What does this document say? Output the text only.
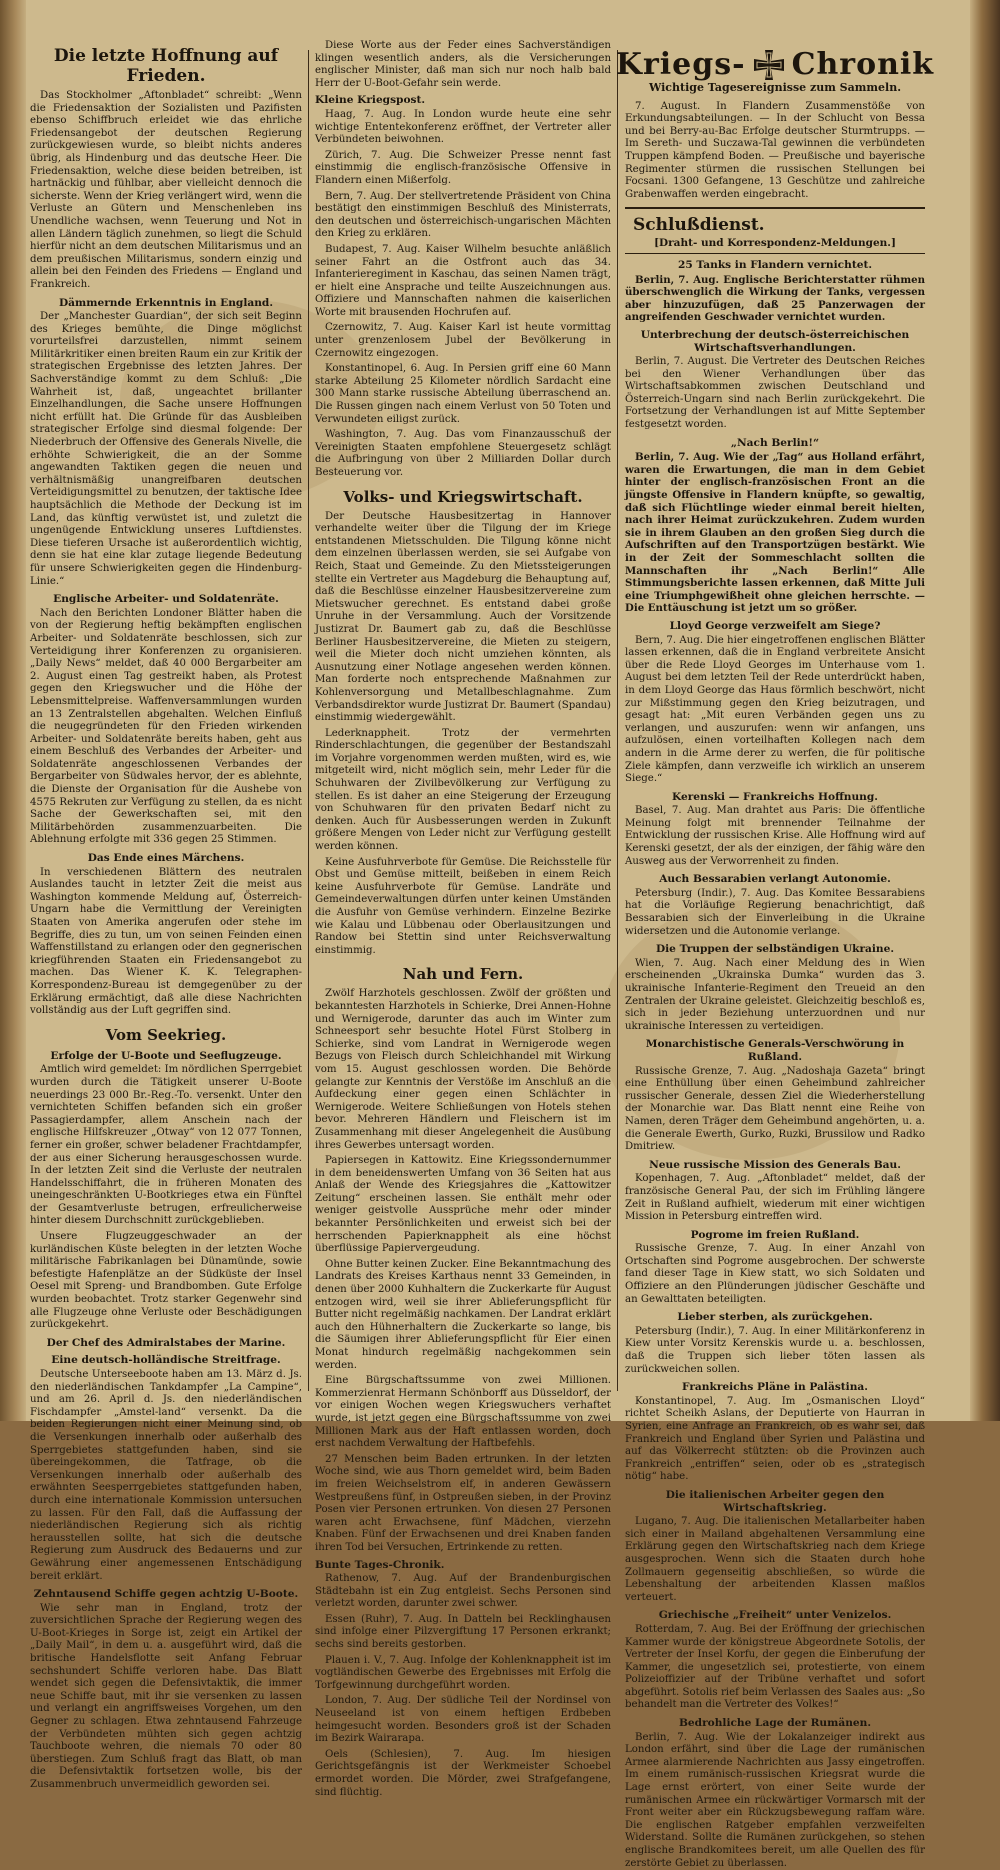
Die letzte Hoffnung auf Frieden.

Das Stockholmer „Aftonbladet“ schreibt: „Wenn die Friedensaktion der Sozialisten und Pazifisten ebenso Schiffbruch erleidet wie das ehrliche Friedensangebot der deutschen Regierung zurückgewiesen wurde, so bleibt nichts anderes übrig, als Hindenburg und das deutsche Heer. Die Friedensaktion, welche diese beiden betreiben, ist hartnäckig und fühlbar, aber vielleicht dennoch die sicherste. Wenn der Krieg verlängert wird, wenn die Verluste an Gütern und Menschenleben ins Unendliche wachsen, wenn Teuerung und Not in allen Ländern täglich zunehmen, so liegt die Schuld hierfür nicht an dem deutschen Militarismus und an dem preußischen Militarismus, sondern einzig und allein bei den Feinden des Friedens — England und Frankreich.

Dämmernde Erkenntnis in England.

Der „Manchester Guardian“, der sich seit Beginn des Krieges bemühte, die Dinge möglichst vorurteilsfrei darzustellen, nimmt seinem Militärkritiker einen breiten Raum ein zur Kritik der strategischen Ergebnisse des letzten Jahres. Der Sachverständige kommt zu dem Schluß: „Die Wahrheit ist, daß, ungeachtet brillanter Einzelhandlungen, die Sache unsere Hoffnungen nicht erfüllt hat. Die Gründe für das Ausbleiben strategischer Erfolge sind diesmal folgende: Der Niederbruch der Offensive des Generals Nivelle, die erhöhte Schwierigkeit, die an der Somme angewandten Taktiken gegen die neuen und verhältnismäßig unangreifbaren deutschen Verteidigungsmittel zu benutzen, der taktische Idee hauptsächlich die Methode der Deckung ist im Land, das künftig verwüstet ist, und zuletzt die ungenügende Entwicklung unseres Luftdienstes. Diese tieferen Ursache ist außerordentlich wichtig, denn sie hat eine klar zutage liegende Bedeutung für unsere Schwierigkeiten gegen die Hindenburg-Linie.“

Englische Arbeiter- und Soldatenräte.

Nach den Berichten Londoner Blätter haben die von der Regierung heftig bekämpften englischen Arbeiter- und Soldatenräte beschlossen, sich zur Verteidigung ihrer Konferenzen zu organisieren. „Daily News“ meldet, daß 40 000 Bergarbeiter am 2. August einen Tag gestreikt haben, als Protest gegen den Kriegswucher und die Höhe der Lebensmittelpreise. Waffenversammlungen wurden an 13 Zentralstellen abgehalten. Welchen Einfluß die neugegründeten für den Frieden wirkenden Arbeiter- und Soldatenräte bereits haben, geht aus einem Beschluß des Verbandes der Arbeiter- und Soldatenräte angeschlossenen Verbandes der Bergarbeiter von Südwales hervor, der es ablehnte, die Dienste der Organisation für die Aushebe von 4575 Rekruten zur Verfügung zu stellen, da es nicht Sache der Gewerkschaften sei, mit den Militärbehörden zusammenzuarbeiten. Die Ablehnung erfolgte mit 336 gegen 25 Stimmen.

Das Ende eines Märchens.

In verschiedenen Blättern des neutralen Auslandes taucht in letzter Zeit die meist aus Washington kommende Meldung auf, Österreich-Ungarn habe die Vermittlung der Vereinigten Staaten von Amerika angerufen oder stehe im Begriffe, dies zu tun, um von seinen Feinden einen Waffenstillstand zu erlangen oder den gegnerischen kriegführenden Staaten ein Friedensangebot zu machen. Das Wiener K. K. Telegraphen-Korrespondenz-Bureau ist demgegenüber zu der Erklärung ermächtigt, daß alle diese Nachrichten vollständig aus der Luft gegriffen sind.

Vom Seekrieg.
Erfolge der U-Boote und Seeflugzeuge.

Amtlich wird gemeldet: Im nördlichen Sperrgebiet wurden durch die Tätigkeit unserer U-Boote neuerdings 23 000 Br.-Reg.-To. versenkt. Unter den vernichteten Schiffen befanden sich ein großer Passagierdampfer, allem Anschein nach der englische Hilfskreuzer „Otway“ von 12 077 Tonnen, ferner ein großer, schwer beladener Frachtdampfer, der aus einer Sicherung herausgeschossen wurde. In der letzten Zeit sind die Verluste der neutralen Handelsschiffahrt, die in früheren Monaten des uneingeschränkten U-Bootkrieges etwa ein Fünftel der Gesamtverluste betrugen, erfreulicherweise hinter diesem Durchschnitt zurückgeblieben.

Unsere Flugzeuggeschwader an der kurländischen Küste belegten in der letzten Woche militärische Fabrikanlagen bei Dünamünde, sowie befestigte Hafenplätze an der Südküste der Insel Oesel mit Spreng- und Brandbomben. Gute Erfolge wurden beobachtet. Trotz starker Gegenwehr sind alle Flugzeuge ohne Verluste oder Beschädigungen zurückgekehrt.

Der Chef des Admiralstabes der Marine.
Eine deutsch-holländische Streitfrage.

Deutsche Unterseeboote haben am 13. März d. Js. den niederländischen Tankdampfer „La Campine“, und am 26. April d. Js. den niederländischen Fischdampfer „Amstel-land“ versenkt. Da die beiden Regierungen nicht einer Meinung sind, ob die Versenkungen innerhalb oder außerhalb des Sperrgebietes stattgefunden haben, sind sie übereingekommen, die Tatfrage, ob die Versenkungen innerhalb oder außerhalb des erwähnten Seesperrgebietes stattgefunden haben, durch eine internationale Kommission untersuchen zu lassen. Für den Fall, daß die Auffassung der niederländischen Regierung sich als richtig herausstellen sollte, hat sich die deutsche Regierung zum Ausdruck des Bedauerns und zur Gewährung einer angemessenen Entschädigung bereit erklärt.

Zehntausend Schiffe gegen achtzig U-Boote.

Wie sehr man in England, trotz der zuversichtlichen Sprache der Regierung wegen des U-Boot-Krieges in Sorge ist, zeigt ein Artikel der „Daily Mail“, in dem u. a. ausgeführt wird, daß die britische Handelsflotte seit Anfang Februar sechshundert Schiffe verloren habe. Das Blatt wendet sich gegen die Defensivtaktik, die immer neue Schiffe baut, mit ihr sie versenken zu lassen und verlangt ein angriffsweises Vorgehen, um den Gegner zu schlagen. Etwa zehntausend Fahrzeuge der Verbündeten mühten sich gegen achtzig Tauchboote wehren, die niemals 70 oder 80 überstiegen. Zum Schluß fragt das Blatt, ob man die Defensivtaktik fortsetzen wolle, bis der Zusammenbruch unvermeidlich geworden sei.

Diese Worte aus der Feder eines Sachverständigen klingen wesentlich anders, als die Versicherungen englischer Minister, daß man sich nur noch halb bald Herr der U-Boot-Gefahr sein werde.

Kleine Kriegspost.

Haag, 7. Aug. In London wurde heute eine sehr wichtige Ententekonferenz eröffnet, der Vertreter aller Verbündeten beiwohnen.

Zürich, 7. Aug. Die Schweizer Presse nennt fast einstimmig die englisch-französische Offensive in Flandern einen Mißerfolg.

Bern, 7. Aug. Der stellvertretende Präsident von China bestätigt den einstimmigen Beschluß des Ministerrats, den deutschen und österreichisch-ungarischen Mächten den Krieg zu erklären.

Budapest, 7. Aug. Kaiser Wilhelm besuchte anläßlich seiner Fahrt an die Ostfront auch das 34. Infanterieregiment in Kaschau, das seinen Namen trägt, er hielt eine Ansprache und teilte Auszeichnungen aus. Offiziere und Mannschaften nahmen die kaiserlichen Worte mit brausenden Hochrufen auf.

Czernowitz, 7. Aug. Kaiser Karl ist heute vormittag unter grenzenlosem Jubel der Bevölkerung in Czernowitz eingezogen.

Konstantinopel, 6. Aug. In Persien griff eine 60 Mann starke Abteilung 25 Kilometer nördlich Sardacht eine 300 Mann starke russische Abteilung überraschend an. Die Russen gingen nach einem Verlust von 50 Toten und Verwundeten eiligst zurück.

Washington, 7. Aug. Das vom Finanzausschuß der Vereinigten Staaten empfohlene Steuergesetz schlägt die Aufbringung von über 2 Milliarden Dollar durch Besteuerung vor.

Volks- und Kriegswirtschaft.

Der Deutsche Hausbesitzertag in Hannover verhandelte weiter über die Tilgung der im Kriege entstandenen Mietsschulden. Die Tilgung könne nicht dem einzelnen überlassen werden, sie sei Aufgabe von Reich, Staat und Gemeinde. Zu den Mietssteigerungen stellte ein Vertreter aus Magdeburg die Behauptung auf, daß die Beschlüsse einzelner Hausbesitzervereine zum Mietswucher gerechnet. Es entstand dabei große Unruhe in der Versammlung. Auch der Vorsitzende Justizrat Dr. Baumert gab zu, daß die Beschlüsse Berliner Hausbesitzervereine, die Mieten zu steigern, weil die Mieter doch nicht umziehen könnten, als Ausnutzung einer Notlage angesehen werden können. Man forderte noch entsprechende Maßnahmen zur Kohlenversorgung und Metallbeschlagnahme. Zum Verbandsdirektor wurde Justizrat Dr. Baumert (Spandau) einstimmig wiedergewählt.

Lederknappheit. Trotz der vermehrten Rinderschlachtungen, die gegenüber der Bestandszahl im Vorjahre vorgenommen werden mußten, wird es, wie mitgeteilt wird, nicht möglich sein, mehr Leder für die Schuhwaren der Zivilbevölkerung zur Verfügung zu stellen. Es ist daher an eine Steigerung der Erzeugung von Schuhwaren für den privaten Bedarf nicht zu denken. Auch für Ausbesserungen werden in Zukunft größere Mengen von Leder nicht zur Verfügung gestellt werden können.

Keine Ausfuhrverbote für Gemüse. Die Reichsstelle für Obst und Gemüse mitteilt, beißeben in einem Reich keine Ausfuhrverbote für Gemüse. Landräte und Gemeindeverwaltungen dürfen unter keinen Umständen die Ausfuhr von Gemüse verhindern. Einzelne Bezirke wie Kalau und Lübbenau oder Oberlausitzungen und Randow bei Stettin sind unter Reichsverwaltung einstimmig.

Nah und Fern.

Zwölf Harzhotels geschlossen. Zwölf der größten und bekanntesten Harzhotels in Schierke, Drei Annen-Hohne und Wernigerode, darunter das auch im Winter zum Schneesport sehr besuchte Hotel Fürst Stolberg in Schierke, sind vom Landrat in Wernigerode wegen Bezugs von Fleisch durch Schleichhandel mit Wirkung vom 15. August geschlossen worden. Die Behörde gelangte zur Kenntnis der Verstöße im Anschluß an die Aufdeckung einer gegen einen Schlächter in Wernigerode. Weitere Schließungen von Hotels stehen bevor. Mehreren Händlern und Fleischern ist im Zusammenhang mit dieser Angelegenheit die Ausübung ihres Gewerbes untersagt worden.

Papiersegen in Kattowitz. Eine Kriegssondernummer in dem beneidenswerten Umfang von 36 Seiten hat aus Anlaß der Wende des Kriegsjahres die „Kattowitzer Zeitung“ erscheinen lassen. Sie enthält mehr oder weniger geistvolle Aussprüche mehr oder minder bekannter Persönlichkeiten und erweist sich bei der herrschenden Papierknappheit als eine höchst überflüssige Papiervergeudung.

Ohne Butter keinen Zucker. Eine Bekanntmachung des Landrats des Kreises Karthaus nennt 33 Gemeinden, in denen über 2000 Kuhhaltern die Zuckerkarte für August entzogen wird, weil sie ihrer Ablieferungspflicht für Butter nicht regelmäßig nachkamen. Der Landrat erklärt auch den Hühnerhaltern die Zuckerkarte so lange, bis die Säumigen ihrer Ablieferungspflicht für Eier einen Monat hindurch regelmäßig nachgekommen sein werden.

Eine Bürgschaftssumme von zwei Millionen. Kommerzienrat Hermann Schönborff aus Düsseldorf, der vor einigen Wochen wegen Kriegswuchers verhaftet wurde, ist jetzt gegen eine Bürgschaftssumme von zwei Millionen Mark aus der Haft entlassen worden, doch erst nachdem Verwaltung der Haftbefehls.

27 Menschen beim Baden ertrunken. In der letzten Woche sind, wie aus Thorn gemeldet wird, beim Baden im freien Weichselstrom elf, in anderen Gewässern Westpreußens fünf, in Ostpreußen sieben, in der Provinz Posen vier Personen ertrunken. Von diesen 27 Personen waren acht Erwachsene, fünf Mädchen, vierzehn Knaben. Fünf der Erwachsenen und drei Knaben fanden ihren Tod bei Versuchen, Ertrinkende zu retten.

Bunte Tages-Chronik.

Rathenow, 7. Aug. Auf der Brandenburgischen Städtebahn ist ein Zug entgleist. Sechs Personen sind verletzt worden, darunter zwei schwer.

Essen (Ruhr), 7. Aug. In Datteln bei Recklinghausen sind infolge einer Pilzvergiftung 17 Personen erkrankt; sechs sind bereits gestorben.

Plauen i. V., 7. Aug. Infolge der Kohlenknappheit ist im vogtländischen Gewerbe des Ergebnisses mit Erfolg die Torfgewinnung durchgeführt worden.

London, 7. Aug. Der südliche Teil der Nordinsel von Neuseeland ist von einem heftigen Erdbeben heimgesucht worden. Besonders groß ist der Schaden im Bezirk Wairarapa.

Oels (Schlesien), 7. Aug. Im hiesigen Gerichtsgefängnis ist der Werkmeister Schoebel ermordet worden. Die Mörder, zwei Strafgefangene, sind flüchtig.

Kriegs- Chronik
Wichtige Tagesereignisse zum Sammeln.

7. August. In Flandern Zusammenstöße von Erkundungsabteilungen. — In der Schlucht von Bessa und bei Berry-au-Bac Erfolge deutscher Sturmtrupps. — Im Sereth- und Suczawa-Tal gewinnen die verbündeten Truppen kämpfend Boden. — Preußische und bayerische Regimenter stürmen die russischen Stellungen bei Focsani. 1300 Gefangene, 13 Geschütze und zahlreiche Grabenwaffen werden eingebracht.

Schlußdienst.
[Draht- und Korrespondenz-Meldungen.]
25 Tanks in Flandern vernichtet.

Berlin, 7. Aug. Englische Berichterstatter rühmen überschwenglich die Wirkung der Tanks, vergessen aber hinzuzufügen, daß 25 Panzerwagen der angreifenden Geschwader vernichtet wurden.

Unterbrechung der deutsch-österreichischen Wirtschaftsverhandlungen.

Berlin, 7. August. Die Vertreter des Deutschen Reiches bei den Wiener Verhandlungen über das Wirtschaftsabkommen zwischen Deutschland und Österreich-Ungarn sind nach Berlin zurückgekehrt. Die Fortsetzung der Verhandlungen ist auf Mitte September festgesetzt worden.

„Nach Berlin!“

Berlin, 7. Aug. Wie der „Tag“ aus Holland erfährt, waren die Erwartungen, die man in dem Gebiet hinter der englisch-französischen Front an die jüngste Offensive in Flandern knüpfte, so gewaltig, daß sich Flüchtlinge wieder einmal bereit hielten, nach ihrer Heimat zurückzukehren. Zudem wurden sie in ihrem Glauben an den großen Sieg durch die Aufschriften auf den Transportzügen bestärkt. Wie in der Zeit der Sommeschlacht sollten die Mannschaften ihr „Nach Berlin!“ Alle Stimmungsberichte lassen erkennen, daß Mitte Juli eine Triumphgewißheit ohne gleichen herrschte. — Die Enttäuschung ist jetzt um so größer.

Lloyd George verzweifelt am Siege?

Bern, 7. Aug. Die hier eingetroffenen englischen Blätter lassen erkennen, daß die in England verbreitete Ansicht über die Rede Lloyd Georges im Unterhause vom 1. August bei dem letzten Teil der Rede unterdrückt haben, in dem Lloyd George das Haus förmlich beschwört, nicht zur Mißstimmung gegen den Krieg beizutragen, und gesagt hat: „Mit euren Verbänden gegen uns zu verlangen, und auszurufen: wenn wir anfangen, uns aufzulösen, einen vorteilhaften Kollegen nach dem andern in die Arme derer zu werfen, die für politische Ziele kämpfen, dann verzweifle ich wirklich an unserem Siege.“

Kerenski — Frankreichs Hoffnung.

Basel, 7. Aug. Man drahtet aus Paris: Die öffentliche Meinung folgt mit brennender Teilnahme der Entwicklung der russischen Krise. Alle Hoffnung wird auf Kerenski gesetzt, der als der einzigen, der fähig wäre den Ausweg aus der Verworrenheit zu finden.

Auch Bessarabien verlangt Autonomie.

Petersburg (Indir.), 7. Aug. Das Komitee Bessarabiens hat die Vorläufige Regierung benachrichtigt, daß Bessarabien sich der Einverleibung in die Ukraine widersetzen und die Autonomie verlange.

Die Truppen der selbständigen Ukraine.

Wien, 7. Aug. Nach einer Meldung des in Wien erscheinenden „Ukrainska Dumka“ wurden das 3. ukrainische Infanterie-Regiment den Treueid an den Zentralen der Ukraine geleistet. Gleichzeitig beschloß es, sich in jeder Beziehung unterzuordnen und nur ukrainische Interessen zu verteidigen.

Monarchistische Generals-Verschwörung in Rußland.

Russische Grenze, 7. Aug. „Nadoshaja Gazeta“ bringt eine Enthüllung über einen Geheimbund zahlreicher russischer Generale, dessen Ziel die Wiederherstellung der Monarchie war. Das Blatt nennt eine Reihe von Namen, deren Träger dem Geheimbund angehörten, u. a. die Generale Ewerth, Gurko, Ruzki, Brussilow und Radko Dmitriew.

Neue russische Mission des Generals Bau.

Kopenhagen, 7. Aug. „Aftonbladet“ meldet, daß der französische General Pau, der sich im Frühling längere Zeit in Rußland aufhielt, wiederum mit einer wichtigen Mission in Petersburg eintreffen wird.

Pogrome im freien Rußland.

Russische Grenze, 7. Aug. In einer Anzahl von Ortschaften sind Pogrome ausgebrochen. Der schwerste fand dieser Tage in Kiew statt, wo sich Soldaten und Offiziere an den Plünderungen jüdischer Geschäfte und an Gewalttaten beteiligten.

Lieber sterben, als zurückgehen.

Petersburg (Indir.), 7. Aug. In einer Militärkonferenz in Kiew unter Vorsitz Kerenskis wurde u. a. beschlossen, daß die Truppen sich lieber töten lassen als zurückweichen sollen.

Frankreichs Pläne in Palästina.

Konstantinopel, 7. Aug. Im „Osmanischen Lloyd“ richtet Scheikh Aslans, der Deputierte von Haurran in Syrien, eine Anfrage an Frankreich, ob es wahr sei, daß Frankreich und England über Syrien und Palästina und auf das Völkerrecht stützten: ob die Provinzen auch Frankreich „entriffen“ seien, oder ob es „strategisch nötig“ habe.

Die italienischen Arbeiter gegen den Wirtschaftskrieg.

Lugano, 7. Aug. Die italienischen Metallarbeiter haben sich einer in Mailand abgehaltenen Versammlung eine Erklärung gegen den Wirtschaftskrieg nach dem Kriege ausgesprochen. Wenn sich die Staaten durch hohe Zollmauern gegenseitig abschließen, so würde die Lebenshaltung der arbeitenden Klassen maßlos verteuert.

Griechische „Freiheit“ unter Venizelos.

Rotterdam, 7. Aug. Bei der Eröffnung der griechischen Kammer wurde der königstreue Abgeordnete Sotolis, der Vertreter der Insel Korfu, der gegen die Einberufung der Kammer, die ungesetzlich sei, protestierte, von einem Polizeioffizier auf der Tribüne verhaftet und sofort abgeführt. Sotolis rief beim Verlassen des Saales aus: „So behandelt man die Vertreter des Volkes!“

Bedrohliche Lage der Rumänen.

Berlin, 7. Aug. Wie der Lokalanzeiger indirekt aus London erfährt, sind über die Lage der rumänischen Armee alarmierende Nachrichten aus Jassy eingetroffen. Im einem rumänisch-russischen Kriegsrat wurde die Lage ernst erörtert, von einer Seite wurde der rumänischen Armee ein rückwärtiger Vormarsch mit der Front weiter aber ein Rückzugsbewegung raffam wäre. Die englischen Ratgeber empfahlen verzweifelten Widerstand. Sollte die Rumänen zurückgehen, so stehen englische Brandkomitees bereit, um alle Quellen des für zerstörte Gebiet zu überlassen.
